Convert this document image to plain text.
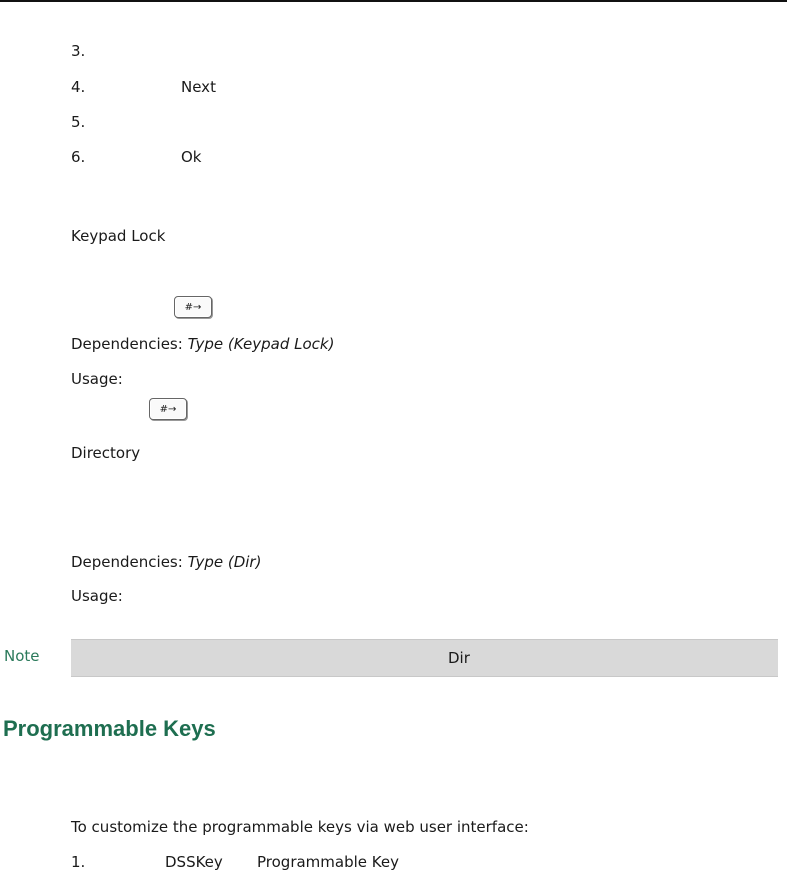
3.
4.	Next
5.
6.	Ok
Keypad Lock
#→
Dependencies: Type (Keypad Lock)
Usage:
#→
Directory
Dependencies: Type (Dir)
Usage:
Note	Dir
Programmable Keys
To customize the programmable keys via web user interface:
1.	DSSKey Programmable Key
